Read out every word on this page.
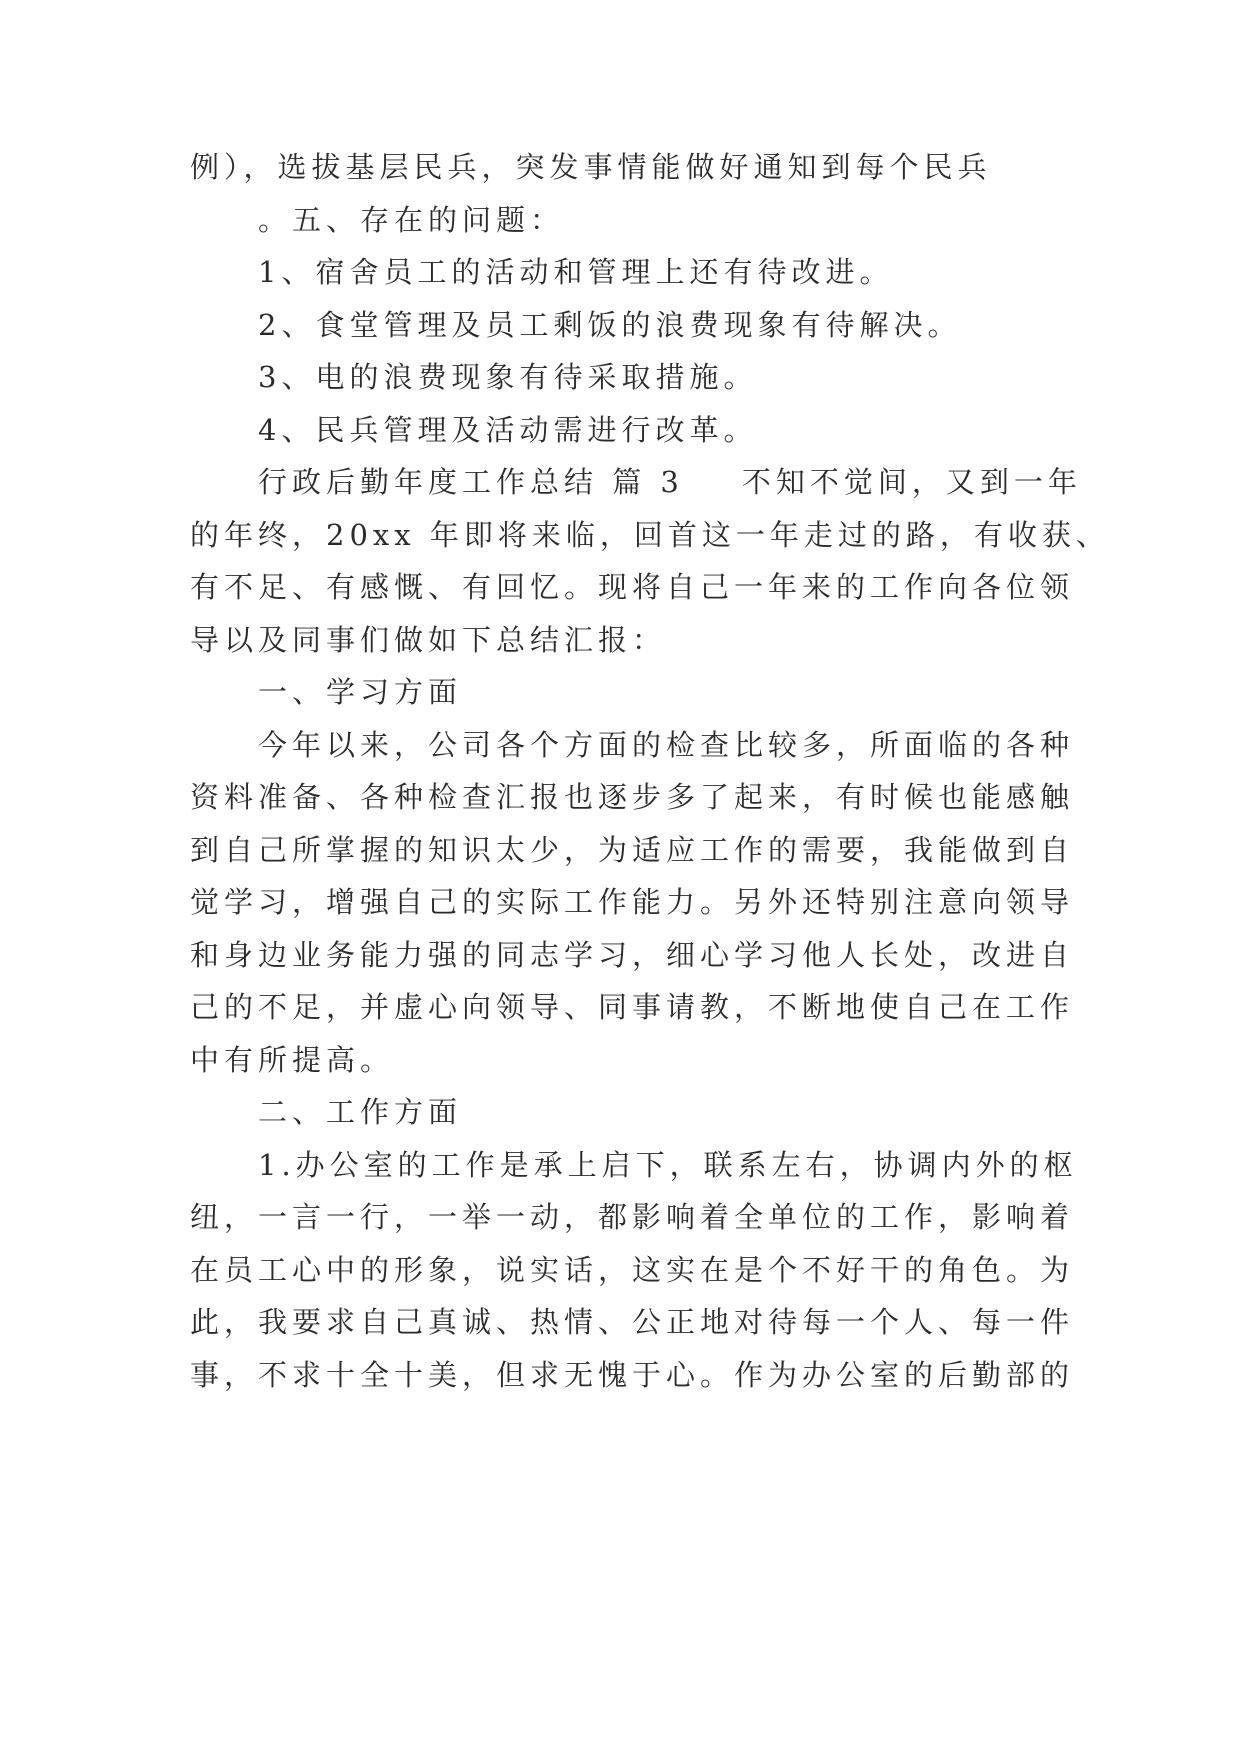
例），选拔基层民兵，突发事情能做好通知到每个民兵
。五、存在的问题：
1、宿舍员工的活动和管理上还有待改进。
2、食堂管理及员工剩饭的浪费现象有待解决。
3、电的浪费现象有待采取措施。
4、民兵管理及活动需进行改革。
行政后勤年度工作总结 篇 3 不知不觉间，又到一年
的年终，20xx 年即将来临，回首这一年走过的路，有收获、
有不足、有感慨、有回忆。现将自己一年来的工作向各位领
导以及同事们做如下总结汇报：
一、学习方面
今年以来，公司各个方面的检查比较多，所面临的各种
资料准备、各种检查汇报也逐步多了起来，有时候也能感触
到自己所掌握的知识太少，为适应工作的需要，我能做到自
觉学习，增强自己的实际工作能力。另外还特别注意向领导
和身边业务能力强的同志学习，细心学习他人长处，改进自
己的不足，并虚心向领导、同事请教，不断地使自己在工作
中有所提高。
二、工作方面
1.办公室的工作是承上启下，联系左右，协调内外的枢
纽，一言一行，一举一动，都影响着全单位的工作，影响着
在员工心中的形象，说实话，这实在是个不好干的角色。为
此，我要求自己真诚、热情、公正地对待每一个人、每一件
事，不求十全十美，但求无愧于心。作为办公室的后勤部的
